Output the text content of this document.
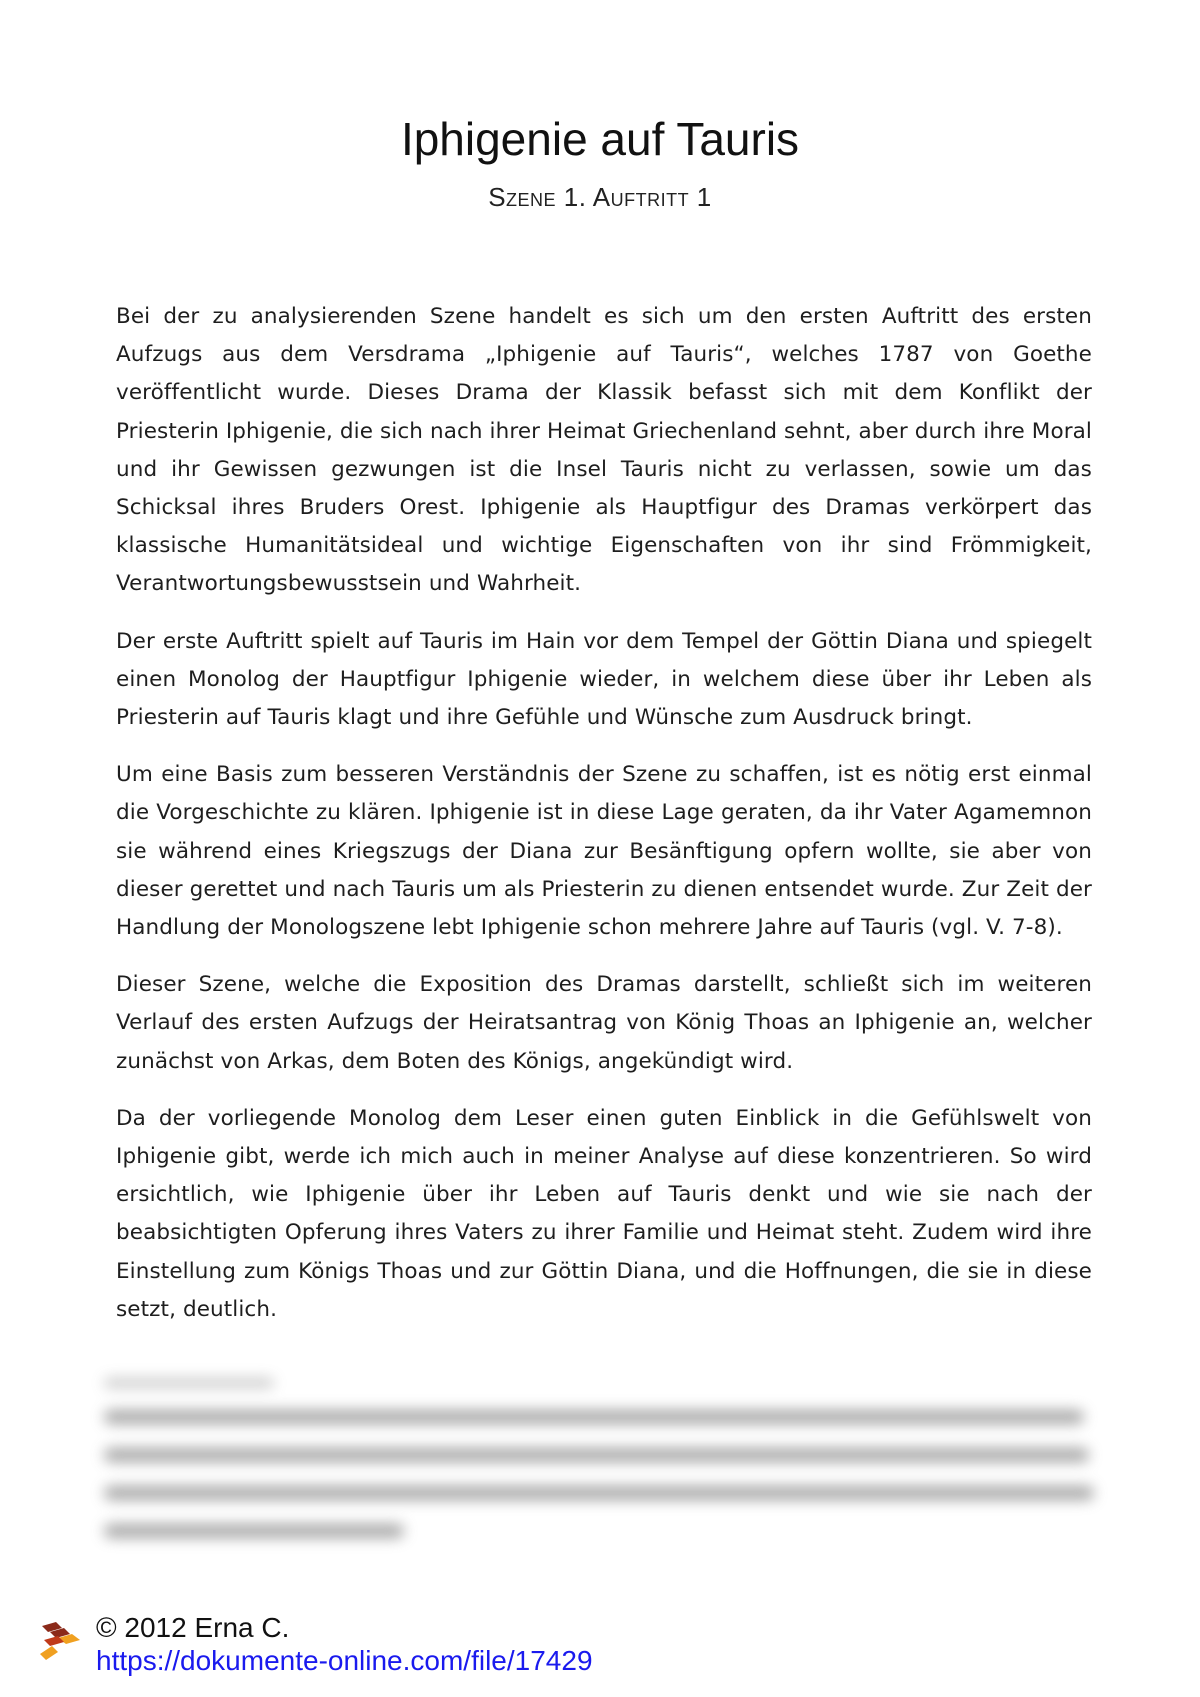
Iphigenie auf Tauris
Szene 1. Auftritt 1

Bei der zu analysierenden Szene handelt es sich um den ersten Auftritt des ersten Aufzugs aus dem Versdrama „Iphigenie auf Tauris“, welches 1787 von Goethe veröffentlicht wurde. Dieses Drama der Klassik befasst sich mit dem Konflikt der Priesterin Iphigenie, die sich nach ihrer Heimat Griechenland sehnt, aber durch ihre Moral und ihr Gewissen gezwungen ist die Insel Tauris nicht zu verlassen, sowie um das Schicksal ihres Bruders Orest. Iphigenie als Hauptfigur des Dramas verkörpert das klassische Humanitätsideal und wichtige Eigenschaften von ihr sind Frömmigkeit, Verantwortungsbewusstsein und Wahrheit.

Der erste Auftritt spielt auf Tauris im Hain vor dem Tempel der Göttin Diana und spiegelt einen Monolog der Hauptfigur Iphigenie wieder, in welchem diese über ihr Leben als Priesterin auf Tauris klagt und ihre Gefühle und Wünsche zum Ausdruck bringt.

Um eine Basis zum besseren Verständnis der Szene zu schaffen, ist es nötig erst einmal die Vorgeschichte zu klären. Iphigenie ist in diese Lage geraten, da ihr Vater Agamemnon sie während eines Kriegszugs der Diana zur Besänftigung opfern wollte, sie aber von dieser gerettet und nach Tauris um als Priesterin zu dienen entsendet wurde. Zur Zeit der Handlung der Monologszene lebt Iphigenie schon mehrere Jahre auf Tauris (vgl. V. 7-8).

Dieser Szene, welche die Exposition des Dramas darstellt, schließt sich im weiteren Verlauf des ersten Aufzugs der Heiratsantrag von König Thoas an Iphigenie an, welcher zunächst von Arkas, dem Boten des Königs, angekündigt wird.

Da der vorliegende Monolog dem Leser einen guten Einblick in die Gefühlswelt von Iphigenie gibt, werde ich mich auch in meiner Analyse auf diese konzentrieren. So wird ersichtlich, wie Iphigenie über ihr Leben auf Tauris denkt und wie sie nach der beabsichtigten Opferung ihres Vaters zu ihrer Familie und Heimat steht. Zudem wird ihre Einstellung zum Königs Thoas und zur Göttin Diana, und die Hoffnungen, die sie in diese setzt, deutlich.

© 2012 Erna C.
https://dokumente-online.com/file/17429
